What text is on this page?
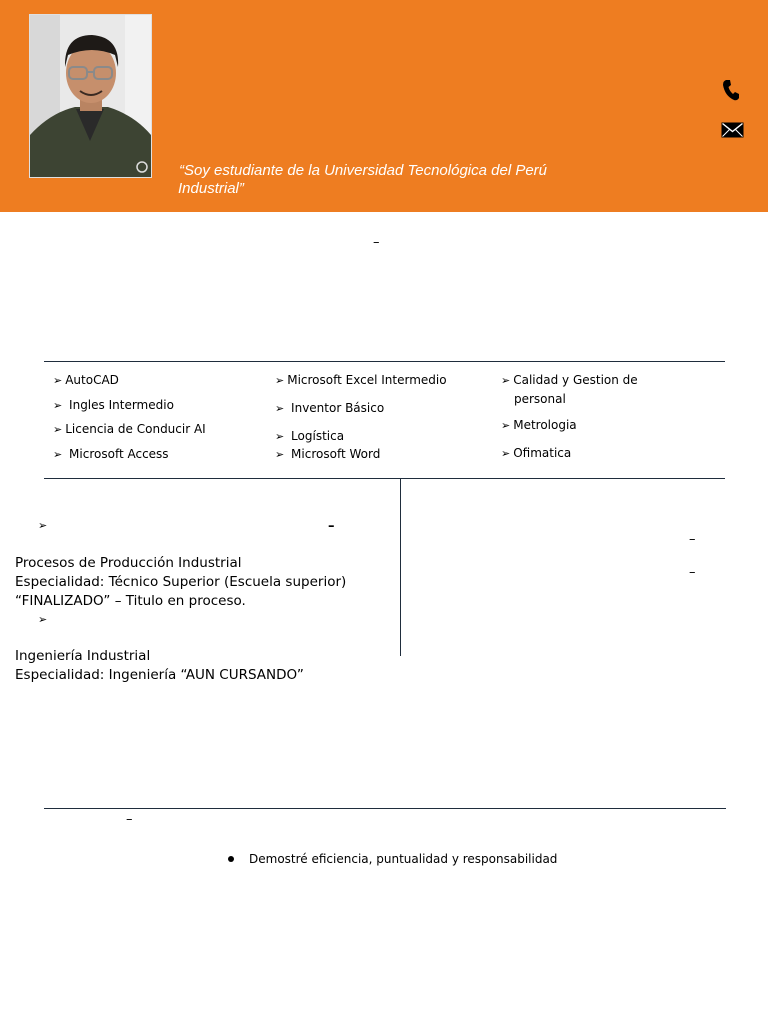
“Soy estudiante de la Universidad Tecnológica del Perú
Industrial”
–
➢ AutoCAD
➢ Ingles Intermedio
➢ Licencia de Conducir AI
➢ Microsoft Access
➢ Microsoft Excel Intermedio
➢ Inventor Básico
➢ Logística
➢ Microsoft Word
➢ Calidad y Gestion de personal
➢ Metrologia
➢ Ofimatica
➢	–
Procesos de Producción Industrial
Especialidad: Técnico Superior (Escuela superior)
“FINALIZADO” – Titulo en proceso.
➢
Ingeniería Industrial
Especialidad: Ingeniería “AUN CURSANDO”
–
–
–
Demostré eficiencia, puntualidad y responsabilidad
